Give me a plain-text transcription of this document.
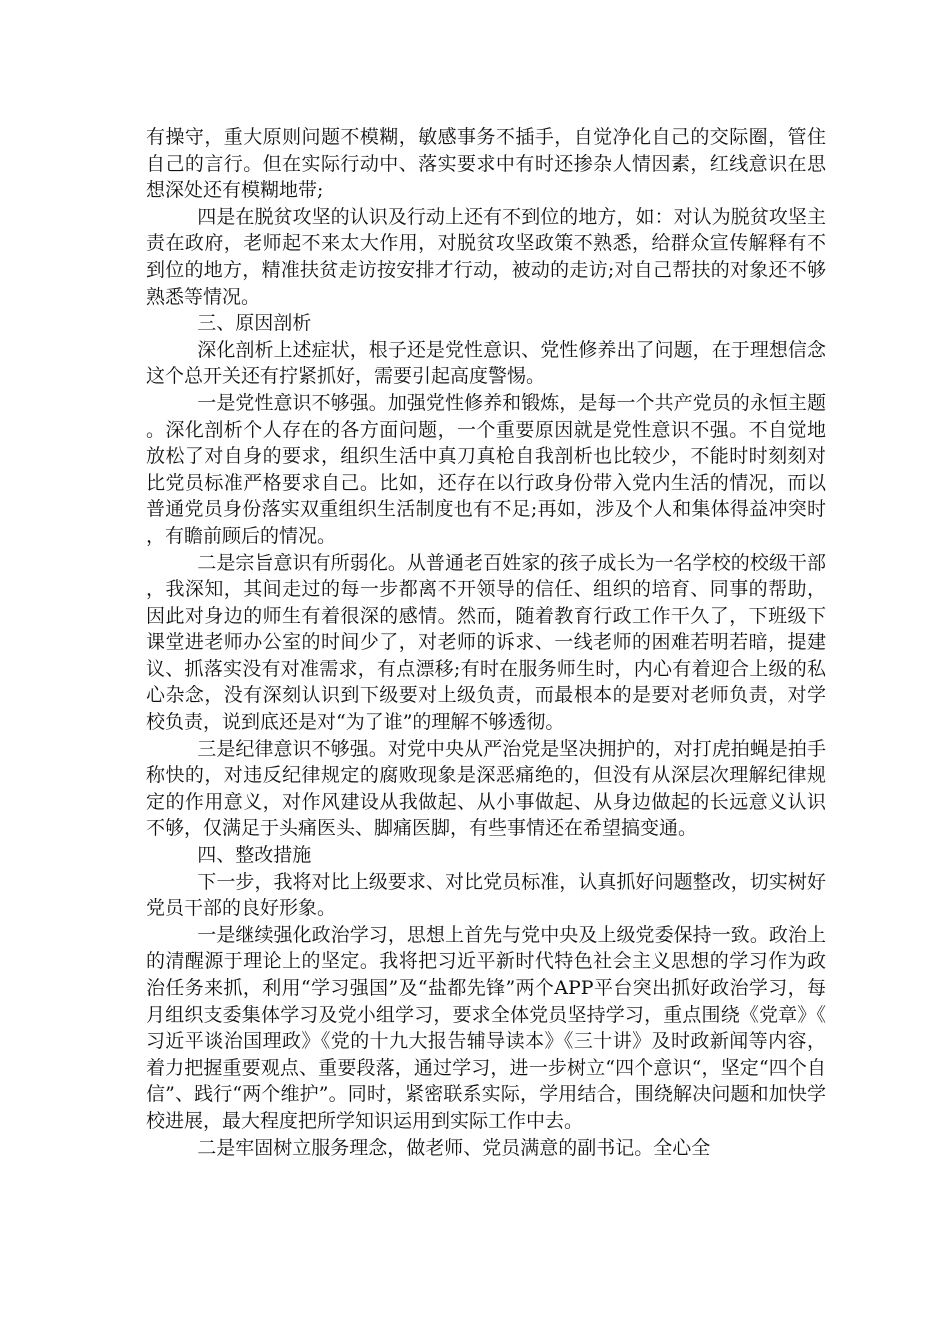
有操守，重大原则问题不模糊，敏感事务不插手，自觉净化自己的交际圈，管住自己的言行。但在实际行动中、落实要求中有时还掺杂人情因素，红线意识在思想深处还有模糊地带;

四是在脱贫攻坚的认识及行动上还有不到位的地方，如：对认为脱贫攻坚主责在政府，老师起不来太大作用，对脱贫攻坚政策不熟悉，给群众宣传解释有不到位的地方，精准扶贫走访按安排才行动，被动的走访;对自己帮扶的对象还不够熟悉等情况。

三、原因剖析

深化剖析上述症状，根子还是党性意识、党性修养出了问题，在于理想信念这个总开关还有拧紧抓好，需要引起高度警惕。

一是党性意识不够强。加强党性修养和锻炼，是每一个共产党员的永恒主题。深化剖析个人存在的各方面问题，一个重要原因就是党性意识不强。不自觉地放松了对自身的要求，组织生活中真刀真枪自我剖析也比较少，不能时时刻刻对比党员标准严格要求自己。比如，还存在以行政身份带入党内生活的情况，而以普通党员身份落实双重组织生活制度也有不足;再如，涉及个人和集体得益冲突时，有瞻前顾后的情况。

二是宗旨意识有所弱化。从普通老百姓家的孩子成长为一名学校的校级干部，我深知，其间走过的每一步都离不开领导的信任、组织的培育、同事的帮助，因此对身边的师生有着很深的感情。然而，随着教育行政工作干久了，下班级下课堂进老师办公室的时间少了，对老师的诉求、一线老师的困难若明若暗，提建议、抓落实没有对准需求，有点漂移;有时在服务师生时，内心有着迎合上级的私心杂念，没有深刻认识到下级要对上级负责，而最根本的是要对老师负责，对学校负责，说到底还是对“为了谁”的理解不够透彻。

三是纪律意识不够强。对党中央从严治党是坚决拥护的，对打虎拍蝇是拍手称快的，对违反纪律规定的腐败现象是深恶痛绝的，但没有从深层次理解纪律规定的作用意义，对作风建设从我做起、从小事做起、从身边做起的长远意义认识不够，仅满足于头痛医头、脚痛医脚，有些事情还在希望搞变通。

四、整改措施

下一步，我将对比上级要求、对比党员标准，认真抓好问题整改，切实树好党员干部的良好形象。

一是继续强化政治学习，思想上首先与党中央及上级党委保持一致。政治上的清醒源于理论上的坚定。我将把习近平新时代特色社会主义思想的学习作为政治任务来抓，利用“学习强国”及“盐都先锋”两个APP平台突出抓好政治学习，每月组织支委集体学习及党小组学习，要求全体党员坚持学习，重点围绕《党章》《习近平谈治国理政》《党的十九大报告辅导读本》《三十讲》及时政新闻等内容，着力把握重要观点、重要段落，通过学习，进一步树立“四个意识“，坚定“四个自信”、践行“两个维护”。同时，紧密联系实际，学用结合，围绕解决问题和加快学校进展，最大程度把所学知识运用到实际工作中去。

二是牢固树立服务理念，做老师、党员满意的副书记。全心全
